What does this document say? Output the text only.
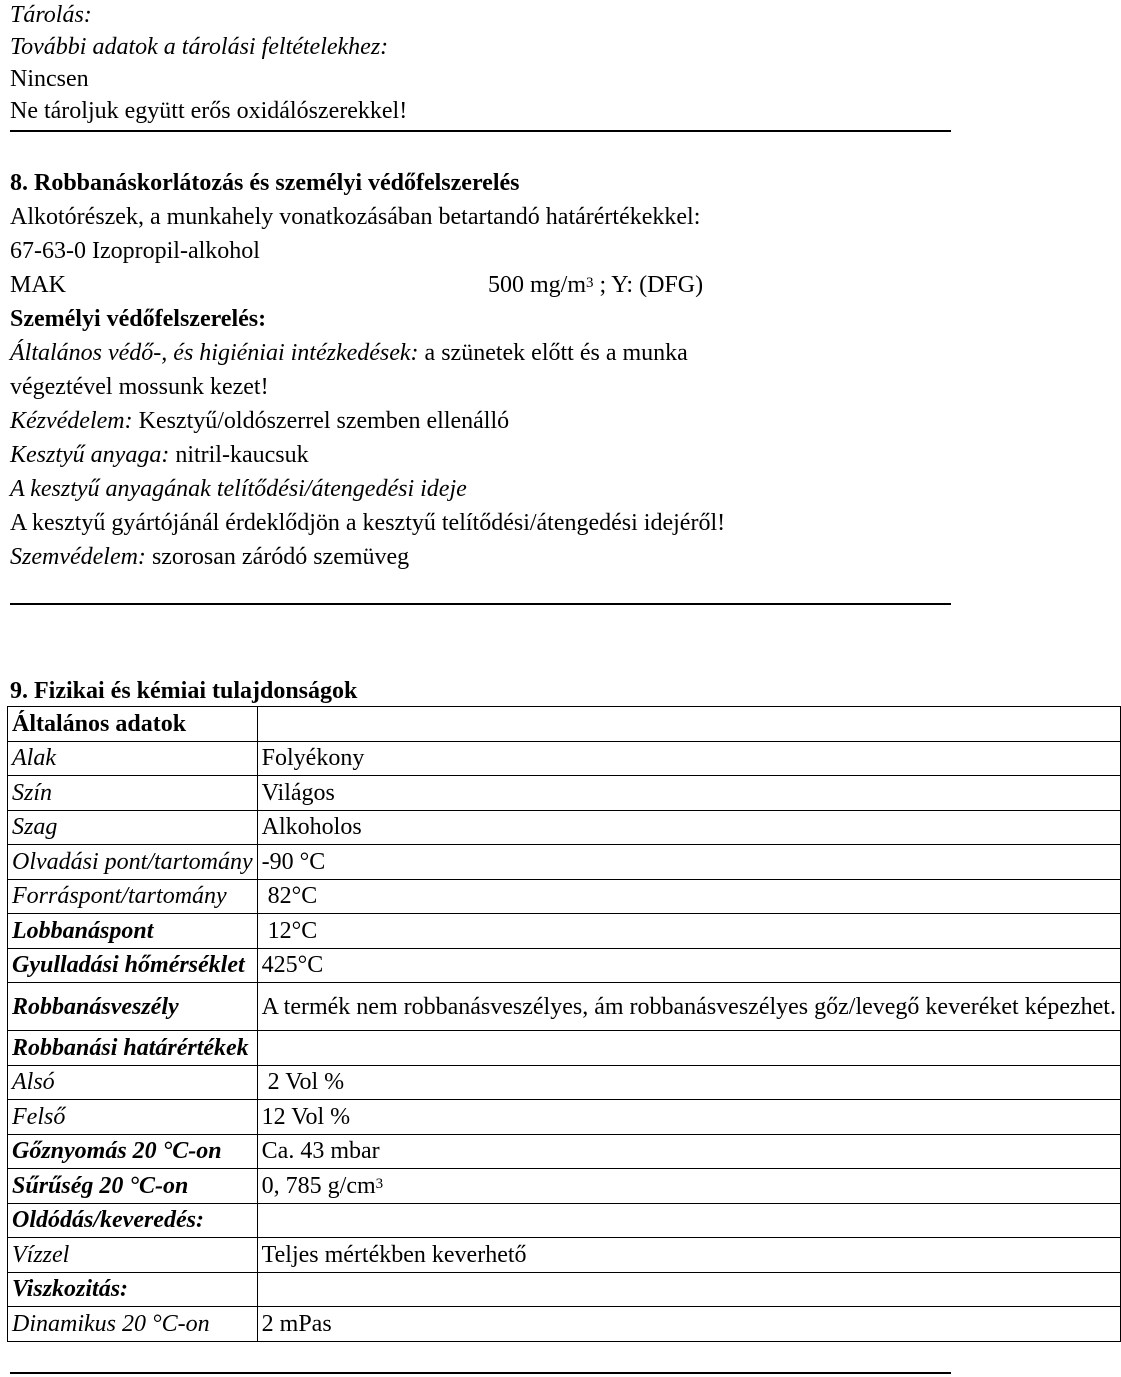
Tárolás:
További adatok a tárolási feltételekhez:
Nincsen
Ne tároljuk együtt erős oxidálószerekkel!
8. Robbanáskorlátozás és személyi védőfelszerelés
Alkotórészek, a munkahely vonatkozásában betartandó határértékekkel:
67-63-0 Izopropil-alkohol
MAK	500 $mg/m^3$ ; Y: (DFG)
Személyi védőfelszerelés:
Általános védő-, és higiéniai intézkedések: a szünetek előtt és a munka
végeztével mossunk kezet!
Kézvédelem: Kesztyű/oldószerrel szemben ellenálló
Kesztyű anyaga: nitril-kaucsuk
A kesztyű anyagának telítődési/átengedési ideje
A kesztyű gyártójánál érdeklődjön a kesztyű telítődési/átengedési idejéről!
Szemvédelem: szorosan záródó szemüveg
9. Fizikai és kémiai tulajdonságok
Általános adatok	
Alak	Folyékony
Szín	Világos
Szag	Alkoholos
Olvadási pont/tartomány	-90 °C
Forráspont/tartomány	82°C
Lobbanáspont	12°C
Gyulladási hőmérséklet	425°C
Robbanásveszély	A termék nem robbanásveszélyes, ám robbanásveszélyes gőz/levegő keveréket képezhet.
Robbanási határértékek	
Alsó	2 Vol %
Felső	12 Vol %
Gőznyomás 20 °C-on	Ca. 43 mbar
Sűrűség 20 °C-on	0, 785 $g/cm^3$
Oldódás/keveredés:	
Vízzel	Teljes mértékben keverhető
Viszkozitás:	
Dinamikus 20 °C-on	2 mPas
